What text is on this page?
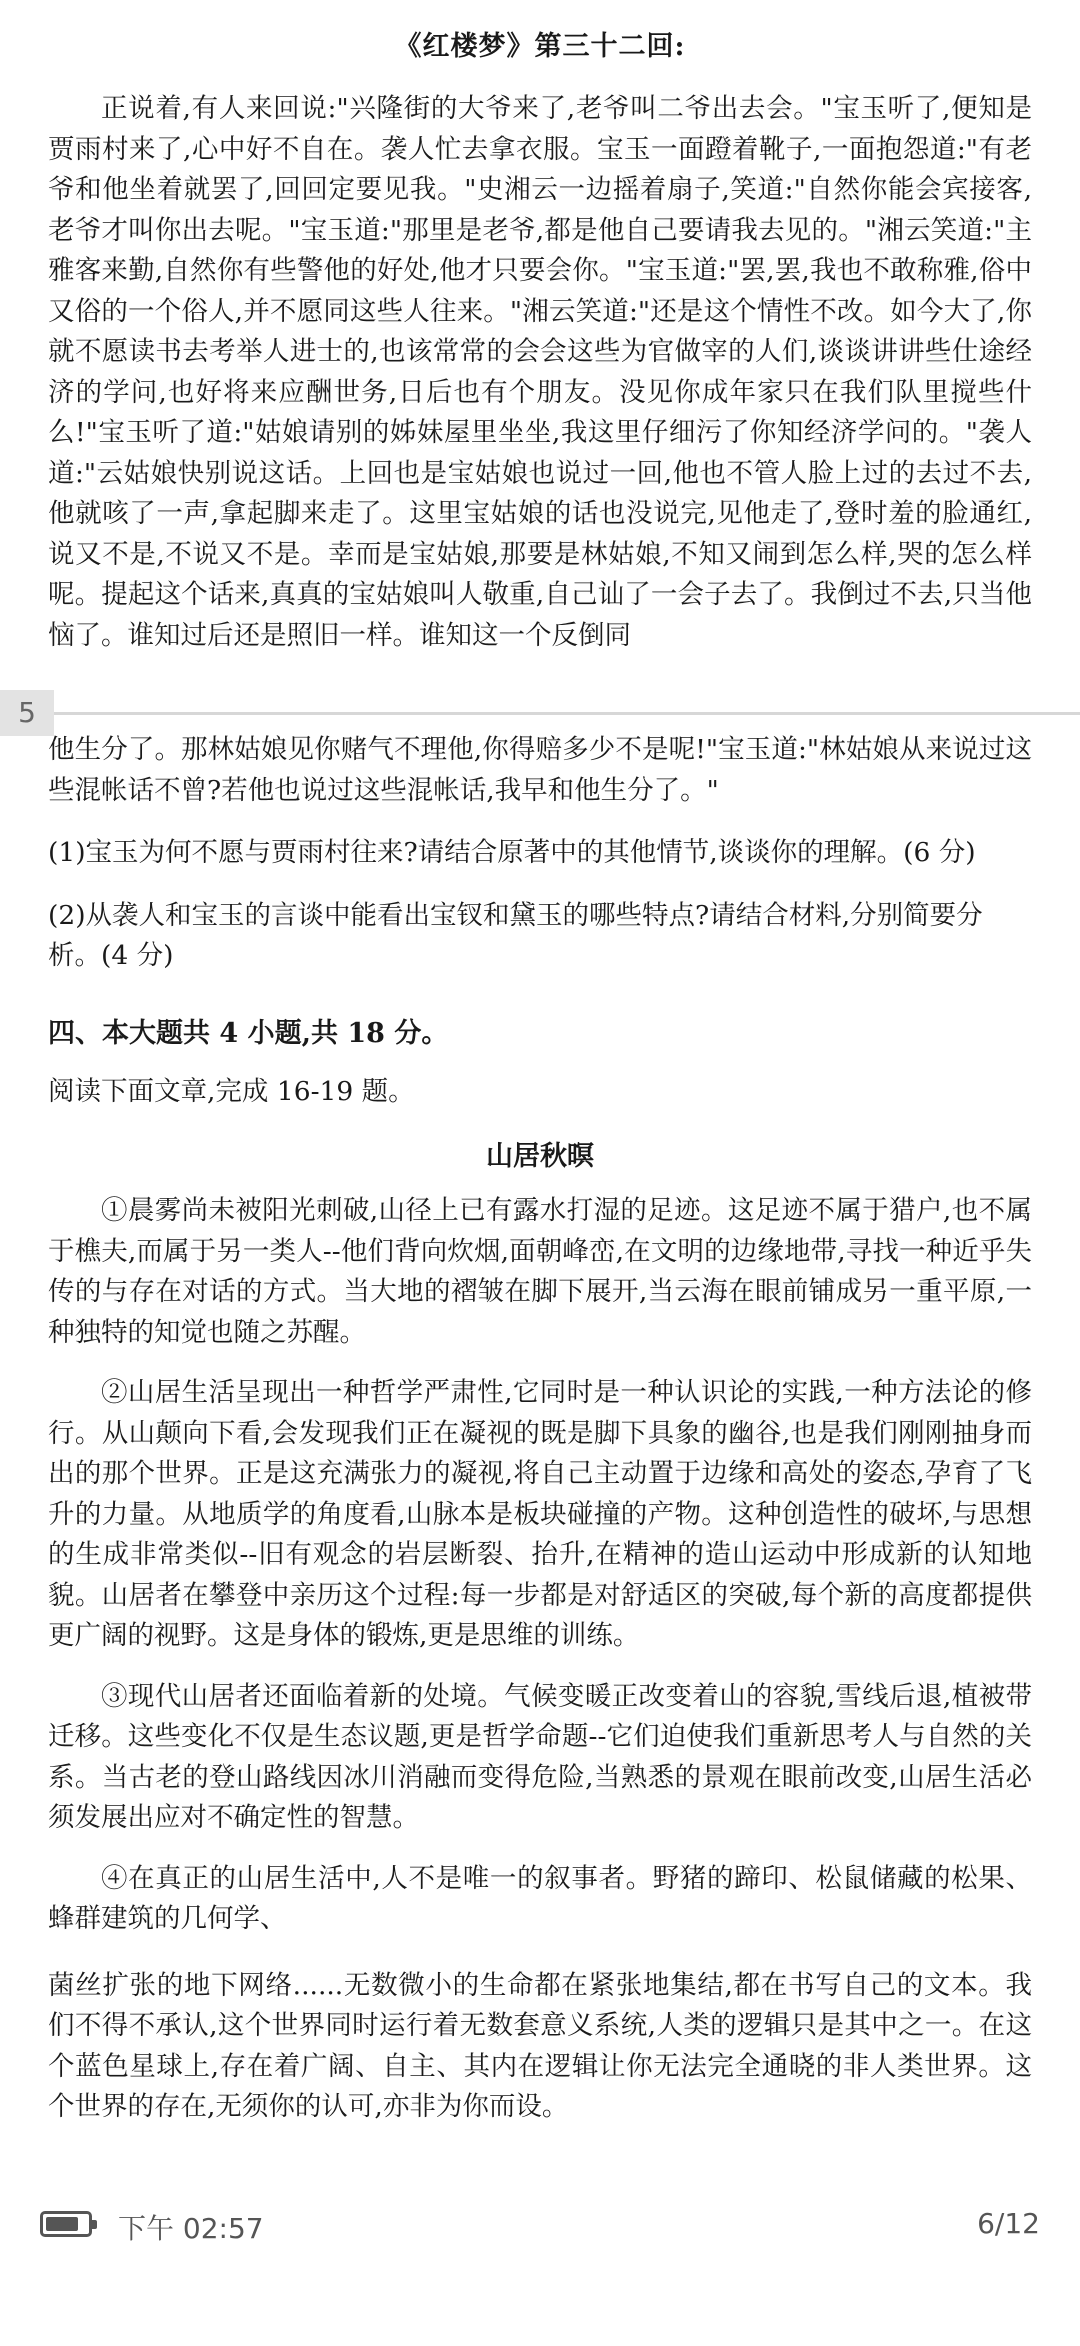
《红楼梦》第三十二回:

正说着,有人来回说:"兴隆街的大爷来了,老爷叫二爷出去会。"宝玉听了,便知是贾雨村来了,心中好不自在。袭人忙去拿衣服。宝玉一面蹬着靴子,一面抱怨道:"有老爷和他坐着就罢了,回回定要见我。"史湘云一边摇着扇子,笑道:"自然你能会宾接客,老爷才叫你出去呢。"宝玉道:"那里是老爷,都是他自己要请我去见的。"湘云笑道:"主雅客来勤,自然你有些警他的好处,他才只要会你。"宝玉道:"罢,罢,我也不敢称雅,俗中又俗的一个俗人,并不愿同这些人往来。"湘云笑道:"还是这个情性不改。如今大了,你就不愿读书去考举人进士的,也该常常的会会这些为官做宰的人们,谈谈讲讲些仕途经济的学问,也好将来应酬世务,日后也有个朋友。没见你成年家只在我们队里搅些什么!"宝玉听了道:"姑娘请别的姊妹屋里坐坐,我这里仔细污了你知经济学问的。"袭人道:"云姑娘快别说这话。上回也是宝姑娘也说过一回,他也不管人脸上过的去过不去,他就咳了一声,拿起脚来走了。这里宝姑娘的话也没说完,见他走了,登时羞的脸通红,说又不是,不说又不是。幸而是宝姑娘,那要是林姑娘,不知又闹到怎么样,哭的怎么样呢。提起这个话来,真真的宝姑娘叫人敬重,自己讪了一会子去了。我倒过不去,只当他恼了。谁知过后还是照旧一样。谁知这一个反倒同

5

他生分了。那林姑娘见你赌气不理他,你得赔多少不是呢!"宝玉道:"林姑娘从来说过这些混帐话不曾?若他也说过这些混帐话,我早和他生分了。"

(1)宝玉为何不愿与贾雨村往来?请结合原著中的其他情节,谈谈你的理解。(6 分)

(2)从袭人和宝玉的言谈中能看出宝钗和黛玉的哪些特点?请结合材料,分别简要分析。(4 分)

四、本大题共 4 小题,共 18 分。
阅读下面文章,完成 16-19 题。
山居秋暝

①晨雾尚未被阳光刺破,山径上已有露水打湿的足迹。这足迹不属于猎户,也不属于樵夫,而属于另一类人--他们背向炊烟,面朝峰峦,在文明的边缘地带,寻找一种近乎失传的与存在对话的方式。当大地的褶皱在脚下展开,当云海在眼前铺成另一重平原,一种独特的知觉也随之苏醒。

②山居生活呈现出一种哲学严肃性,它同时是一种认识论的实践,一种方法论的修行。从山颠向下看,会发现我们正在凝视的既是脚下具象的幽谷,也是我们刚刚抽身而出的那个世界。正是这充满张力的凝视,将自己主动置于边缘和高处的姿态,孕育了飞升的力量。从地质学的角度看,山脉本是板块碰撞的产物。这种创造性的破坏,与思想的生成非常类似--旧有观念的岩层断裂、抬升,在精神的造山运动中形成新的认知地貌。山居者在攀登中亲历这个过程:每一步都是对舒适区的突破,每个新的高度都提供更广阔的视野。这是身体的锻炼,更是思维的训练。

③现代山居者还面临着新的处境。气候变暖正改变着山的容貌,雪线后退,植被带迁移。这些变化不仅是生态议题,更是哲学命题--它们迫使我们重新思考人与自然的关系。当古老的登山路线因冰川消融而变得危险,当熟悉的景观在眼前改变,山居生活必须发展出应对不确定性的智慧。

④在真正的山居生活中,人不是唯一的叙事者。野猪的蹄印、松鼠储藏的松果、蜂群建筑的几何学、

菌丝扩张的地下网络......无数微小的生命都在紧张地集结,都在书写自己的文本。我们不得不承认,这个世界同时运行着无数套意义系统,人类的逻辑只是其中之一。在这个蓝色星球上,存在着广阔、自主、其内在逻辑让你无法完全通晓的非人类世界。这个世界的存在,无须你的认可,亦非为你而设。

下午 02:57	6/12
